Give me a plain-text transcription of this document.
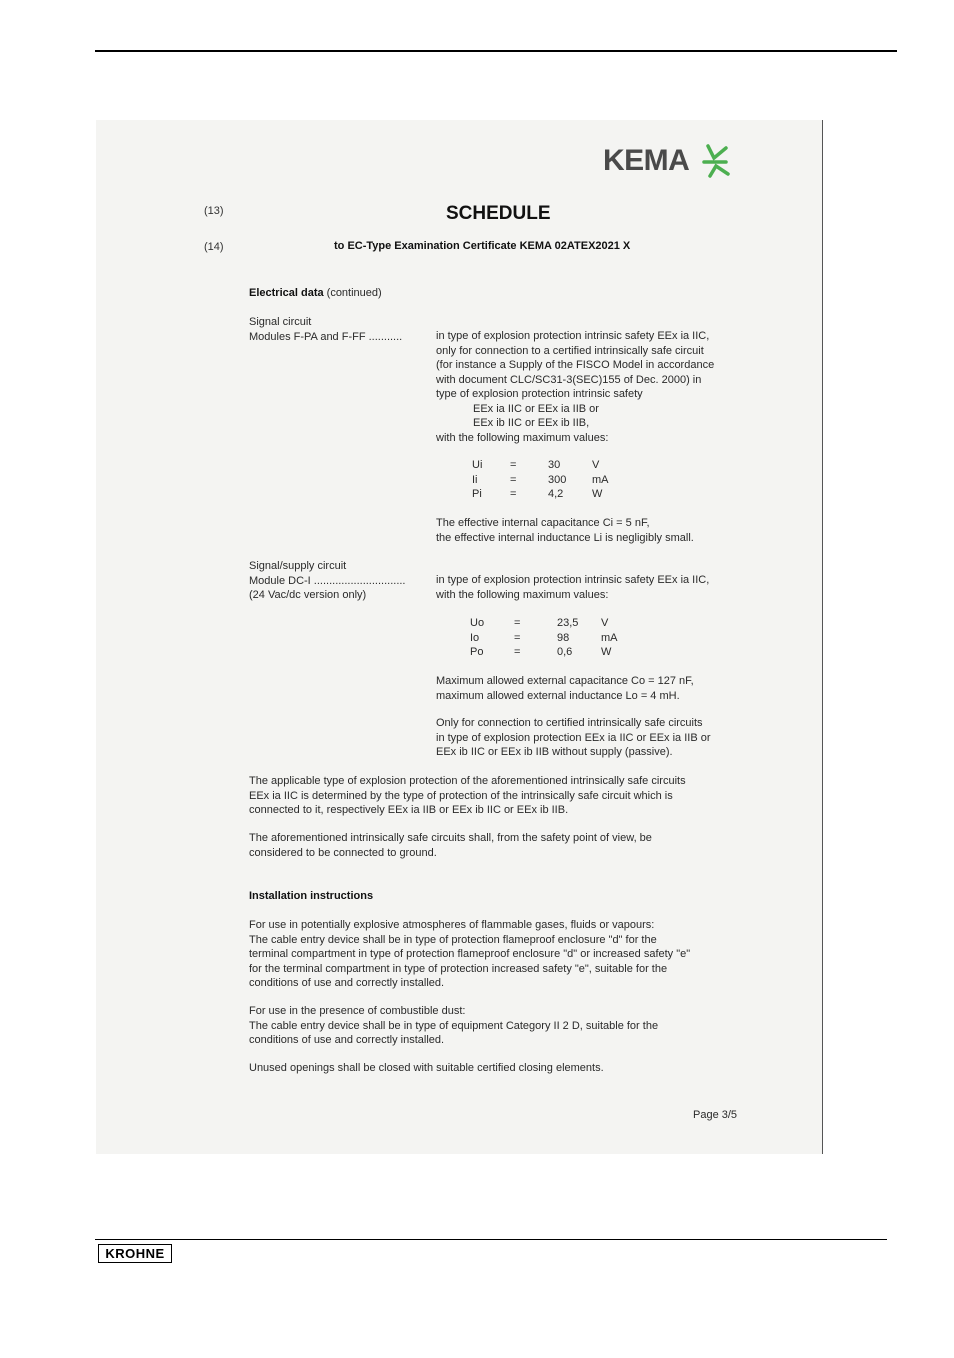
KEMA
(13)	SCHEDULE
(14)	to EC-Type Examination Certificate KEMA 02ATEX2021 X
Electrical data (continued)
Signal circuit
Modules F-PA and F-FF ...........	in type of explosion protection intrinsic safety EEx ia IIC,
only for connection to a certified intrinsically safe circuit
(for instance a Supply of the FISCO Model in accordance
with document CLC/SC31-3(SEC)155 of Dec. 2000) in
type of explosion protection intrinsic safety
EEx ia IIC or EEx ia IIB or
EEx ib IIC or EEx ib IIB,
with the following maximum values:
Ui	=	30	V
Ii	=	300	mA
Pi	=	4,2	W
The effective internal capacitance Ci = 5 nF,
the effective internal inductance Li is negligibly small.
Signal/supply circuit
Module DC-I ..............................
(24 Vac/dc version only)
in type of explosion protection intrinsic safety EEx ia IIC,
with the following maximum values:
Uo	=	23,5	V
Io	=	98	mA
Po	=	0,6	W
Maximum allowed external capacitance Co = 127 nF,
maximum allowed external inductance Lo = 4 mH.
Only for connection to certified intrinsically safe circuits
in type of explosion protection EEx ia IIC or EEx ia IIB or
EEx ib IIC or EEx ib IIB without supply (passive).
The applicable type of explosion protection of the aforementioned intrinsically safe circuits
EEx ia IIC is determined by the type of protection of the intrinsically safe circuit which is
connected to it, respectively EEx ia IIB or EEx ib IIC or EEx ib IIB.
The aforementioned intrinsically safe circuits shall, from the safety point of view, be
considered to be connected to ground.
Installation instructions
For use in potentially explosive atmospheres of flammable gases, fluids or vapours:
The cable entry device shall be in type of protection flameproof enclosure "d" for the
terminal compartment in type of protection flameproof enclosure "d" or increased safety "e"
for the terminal compartment in type of protection increased safety "e", suitable for the
conditions of use and correctly installed.
For use in the presence of combustible dust:
The cable entry device shall be in type of equipment Category II 2 D, suitable for the
conditions of use and correctly installed.
Unused openings shall be closed with suitable certified closing elements.
Page 3/5
KROHNE
